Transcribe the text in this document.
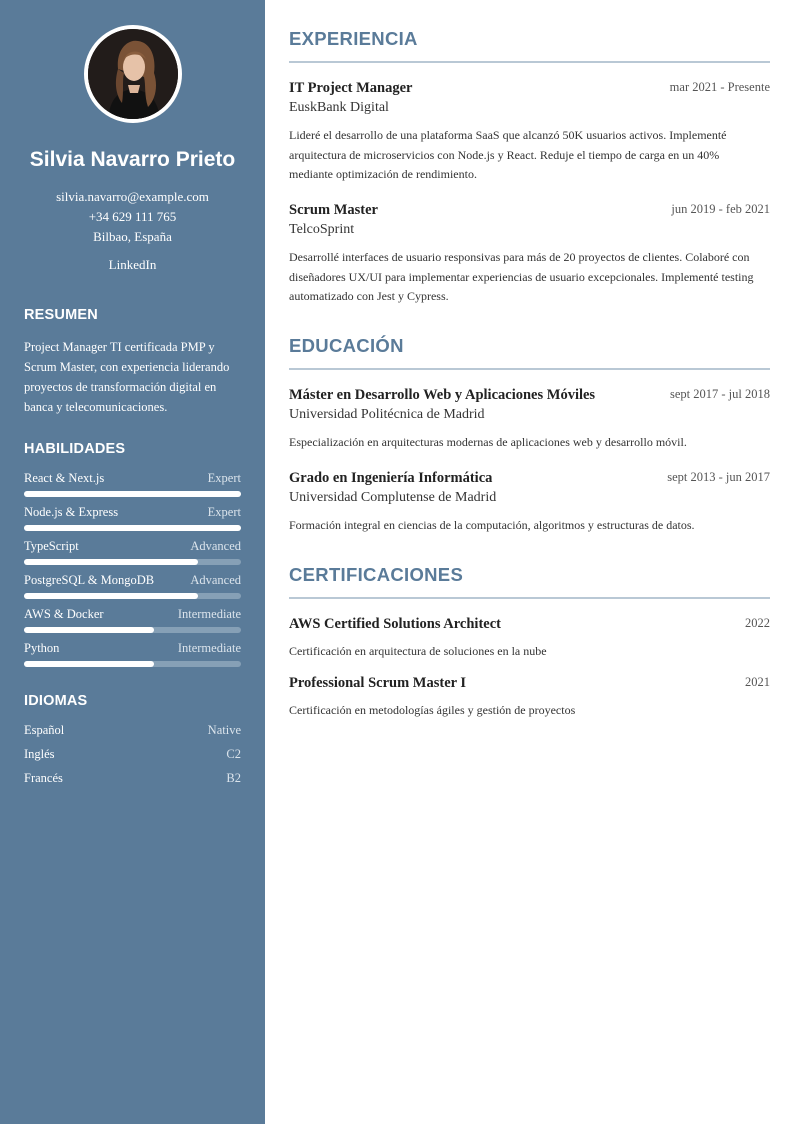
Silvia Navarro Prieto
silvia.navarro@example.com
+34 629 111 765
Bilbao, España
LinkedIn
RESUMEN
Project Manager TI certificada PMP y Scrum Master, con experiencia liderando proyectos de transformación digital en banca y telecomunicaciones.
HABILIDADES
React & Next.js	Expert
Node.js & Express	Expert
TypeScript	Advanced
PostgreSQL & MongoDB	Advanced
AWS & Docker	Intermediate
Python	Intermediate
IDIOMAS
Español	Native
Inglés	C2
Francés	B2
EXPERIENCIA
IT Project Manager	mar 2021 - Presente
EuskBank Digital
Lideré el desarrollo de una plataforma SaaS que alcanzó 50K usuarios activos. Implementé arquitectura de microservicios con Node.js y React. Reduje el tiempo de carga en un 40% mediante optimización de rendimiento.
Scrum Master	jun 2019 - feb 2021
TelcoSprint
Desarrollé interfaces de usuario responsivas para más de 20 proyectos de clientes. Colaboré con diseñadores UX/UI para implementar experiencias de usuario excepcionales. Implementé testing automatizado con Jest y Cypress.
EDUCACIÓN
Máster en Desarrollo Web y Aplicaciones Móviles	sept 2017 - jul 2018
Universidad Politécnica de Madrid
Especialización en arquitecturas modernas de aplicaciones web y desarrollo móvil.
Grado en Ingeniería Informática	sept 2013 - jun 2017
Universidad Complutense de Madrid
Formación integral en ciencias de la computación, algoritmos y estructuras de datos.
CERTIFICACIONES
AWS Certified Solutions Architect	2022
Certificación en arquitectura de soluciones en la nube
Professional Scrum Master I	2021
Certificación en metodologías ágiles y gestión de proyectos
